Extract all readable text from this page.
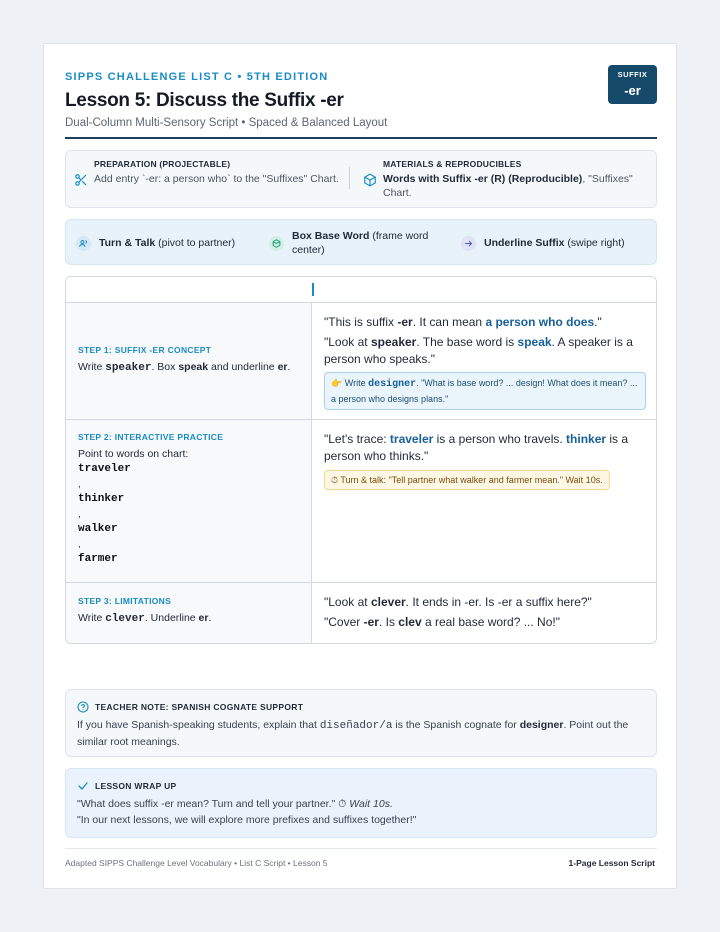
SIPPS CHALLENGE LIST C • 5TH EDITION
Lesson 5: Discuss the Suffix -er
Dual-Column Multi-Sensory Script • Spaced & Balanced Layout
SUFFIX
-er
PREPARATION (PROJECTABLE)
Add entry `-er: a person who` to the "Suffixes" Chart.
MATERIALS & REPRODUCIBLES
Words with Suffix -er (R) (Reproducible), "Suffixes" Chart.
Turn & Talk (pivot to partner)
Box Base Word (frame word center)
Underline Suffix (swipe right)
STEP 1: SUFFIX -ER CONCEPT
Write speaker. Box speak and underline er.
"This is suffix -er. It can mean a person who does."
"Look at speaker. The base word is speak. A speaker is a person who speaks."
👉 Write designer. "What is base word? ... design! What does it mean? ... a person who designs plans."
STEP 2: INTERACTIVE PRACTICE
Point to words on chart:
traveler
,
thinker
,
walker
,
farmer
"Let's trace: traveler is a person who travels. thinker is a person who thinks."
⏱ Turn & talk: "Tell partner what walker and farmer mean." Wait 10s.
STEP 3: LIMITATIONS
Write clever. Underline er.
"Look at clever. It ends in -er. Is -er a suffix here?"
"Cover -er. Is clev a real base word? ... No!"
TEACHER NOTE: SPANISH COGNATE SUPPORT
If you have Spanish-speaking students, explain that diseñador/a is the Spanish cognate for designer. Point out the similar root meanings.
LESSON WRAP UP
"What does suffix -er mean? Turn and tell your partner." ⏱ Wait 10s.
"In our next lessons, we will explore more prefixes and suffixes together!"
Adapted SIPPS Challenge Level Vocabulary • List C Script • Lesson 5	1-Page Lesson Script
